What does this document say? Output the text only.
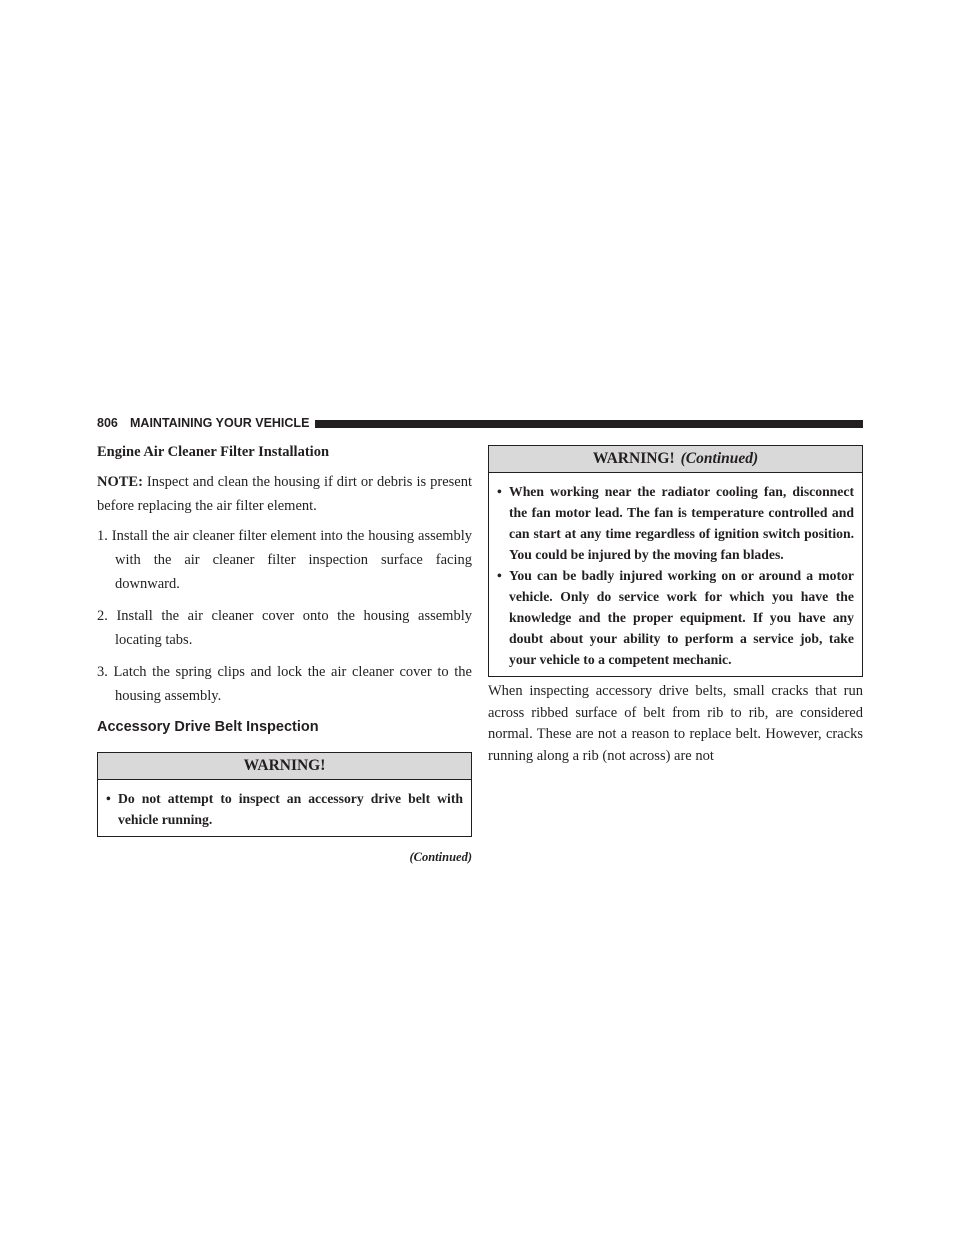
806 MAINTAINING YOUR VEHICLE
Engine Air Cleaner Filter Installation

NOTE: Inspect and clean the housing if dirt or debris is present before replacing the air filter element.

1. Install the air cleaner filter element into the housing assembly with the air cleaner filter inspection surface facing downward.
2. Install the air cleaner cover onto the housing assembly locating tabs.
3. Latch the spring clips and lock the air cleaner cover to the housing assembly.
Accessory Drive Belt Inspection
WARNING!
• Do not attempt to inspect an accessory drive belt with vehicle running.
(Continued)
WARNING! (Continued)
• When working near the radiator cooling fan, disconnect the fan motor lead. The fan is temperature controlled and can start at any time regardless of ignition switch position. You could be injured by the moving fan blades.
• You can be badly injured working on or around a motor vehicle. Only do service work for which you have the knowledge and the proper equipment. If you have any doubt about your ability to perform a service job, take your vehicle to a competent mechanic.

When inspecting accessory drive belts, small cracks that run across ribbed surface of belt from rib to rib, are considered normal. These are not a reason to replace belt. However, cracks running along a rib (not across) are not
